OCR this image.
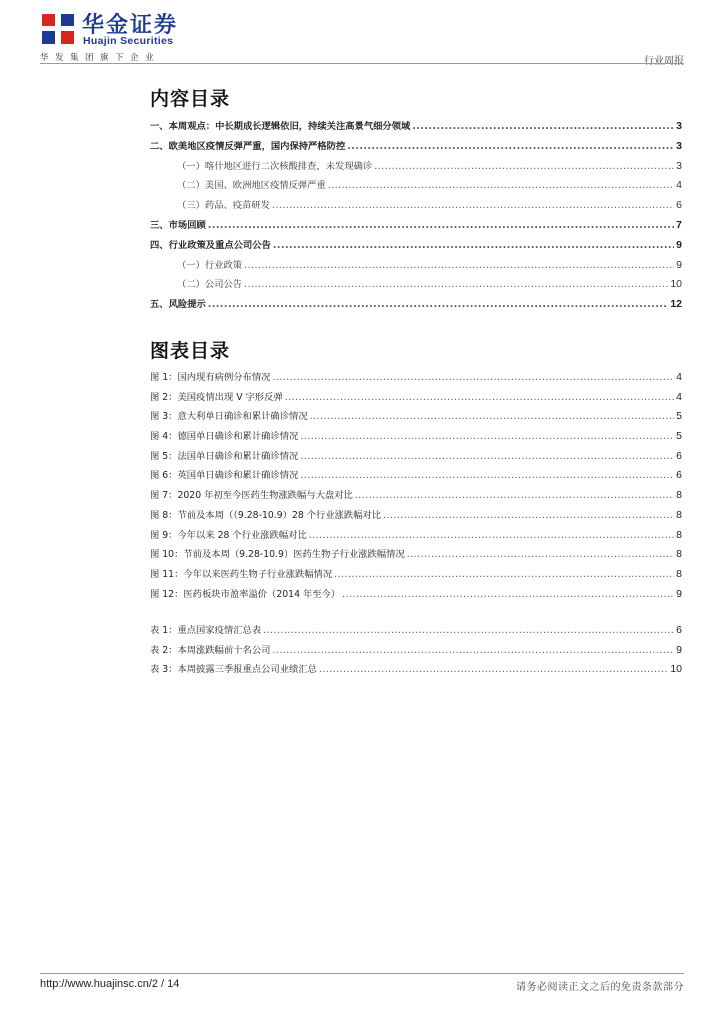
华金证券
Huajin Securities
华发集团旗下企业	行业周报
内容目录
一、本周观点：中长期成长逻辑依旧，持续关注高景气细分领域 .....	3
二、欧美地区疫情反弹严重，国内保持严格防控 .....	3
（一）喀什地区进行二次核酸排查，未发现确诊 .....	3
（二）美国、欧洲地区疫情反弹严重 .....	4
（三）药品、疫苗研发 .....	6
三、市场回顾 .....	7
四、行业政策及重点公司公告 .....	9
（一）行业政策 .....	9
（二）公司公告 .....	10
五、风险提示 .....	12
图表目录
图 1：国内现有病例分布情况 .....	4
图 2：美国疫情出现 V 字形反弹 .....	4
图 3：意大利单日确诊和累计确诊情况 .....	5
图 4：德国单日确诊和累计确诊情况 .....	5
图 5：法国单日确诊和累计确诊情况 .....	6
图 6：英国单日确诊和累计确诊情况 .....	6
图 7：2020 年初至今医药生物涨跌幅与大盘对比 .....	8
图 8：节前及本周（（9.28-10.9）28 个行业涨跌幅对比 .....	8
图 9：今年以来 28 个行业涨跌幅对比 .....	8
图 10：节前及本周（9.28-10.9）医药生物子行业涨跌幅情况 .....	8
图 11：今年以来医药生物子行业涨跌幅情况 .....	8
图 12：医药板块市盈率溢价（2014 年至今） .....	9
表 1：重点国家疫情汇总表 .....	6
表 2：本周涨跌幅前十名公司 .....	9
表 3：本周披露三季报重点公司业绩汇总 .....	10
http://www.huajinsc.cn/2 / 14	请务必阅读正文之后的免责条款部分
